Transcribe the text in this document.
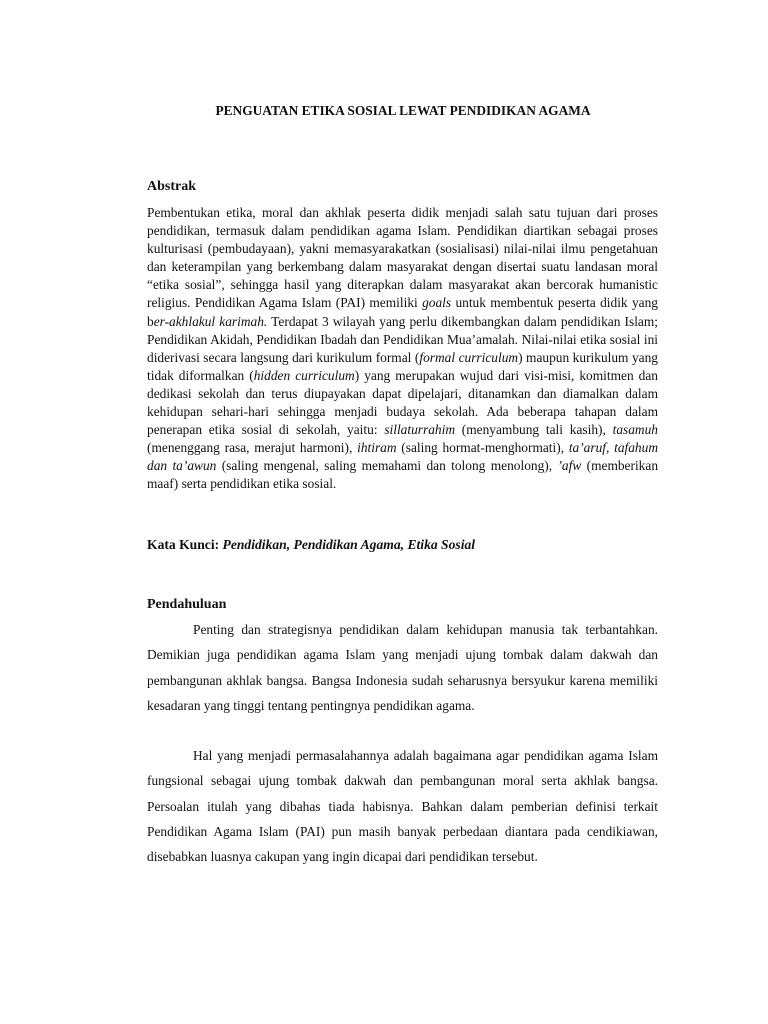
PENGUATAN ETIKA SOSIAL LEWAT PENDIDIKAN AGAMA
Abstrak

Pembentukan etika, moral dan akhlak peserta didik menjadi salah satu tujuan dari proses pendidikan, termasuk dalam pendidikan agama Islam. Pendidikan diartikan sebagai proses kulturisasi (pembudayaan), yakni memasyarakatkan (sosialisasi) nilai-nilai ilmu pengetahuan dan keterampilan yang berkembang dalam masyarakat dengan disertai suatu landasan moral “etika sosial”, sehingga hasil yang diterapkan dalam masyarakat akan bercorak humanistic religius. Pendidikan Agama Islam (PAI) memiliki goals untuk membentuk peserta didik yang ber-akhlakul karimah. Terdapat 3 wilayah yang perlu dikembangkan dalam pendidikan Islam; Pendidikan Akidah, Pendidikan Ibadah dan Pendidikan Mua’amalah. Nilai-nilai etika sosial ini diderivasi secara langsung dari kurikulum formal (formal curriculum) maupun kurikulum yang tidak diformalkan (hidden curriculum) yang merupakan wujud dari visi-misi, komitmen dan dedikasi sekolah dan terus diupayakan dapat dipelajari, ditanamkan dan diamalkan dalam kehidupan sehari-hari sehingga menjadi budaya sekolah. Ada beberapa tahapan dalam penerapan etika sosial di sekolah, yaitu: sillaturrahim (menyambung tali kasih), tasamuh (menenggang rasa, merajut harmoni), ihtiram (saling hormat-menghormati), ta’aruf, tafahum dan ta’awun (saling mengenal, saling memahami dan tolong menolong), ’afw (memberikan maaf) serta pendidikan etika sosial.

Kata Kunci: Pendidikan, Pendidikan Agama, Etika Sosial

Pendahuluan

Penting dan strategisnya pendidikan dalam kehidupan manusia tak terbantahkan. Demikian juga pendidikan agama Islam yang menjadi ujung tombak dalam dakwah dan pembangunan akhlak bangsa. Bangsa Indonesia sudah seharusnya bersyukur karena memiliki kesadaran yang tinggi tentang pentingnya pendidikan agama.

Hal yang menjadi permasalahannya adalah bagaimana agar pendidikan agama Islam fungsional sebagai ujung tombak dakwah dan pembangunan moral serta akhlak bangsa. Persoalan itulah yang dibahas tiada habisnya. Bahkan dalam pemberian definisi terkait Pendidikan Agama Islam (PAI) pun masih banyak perbedaan diantara pada cendikiawan, disebabkan luasnya cakupan yang ingin dicapai dari pendidikan tersebut.
